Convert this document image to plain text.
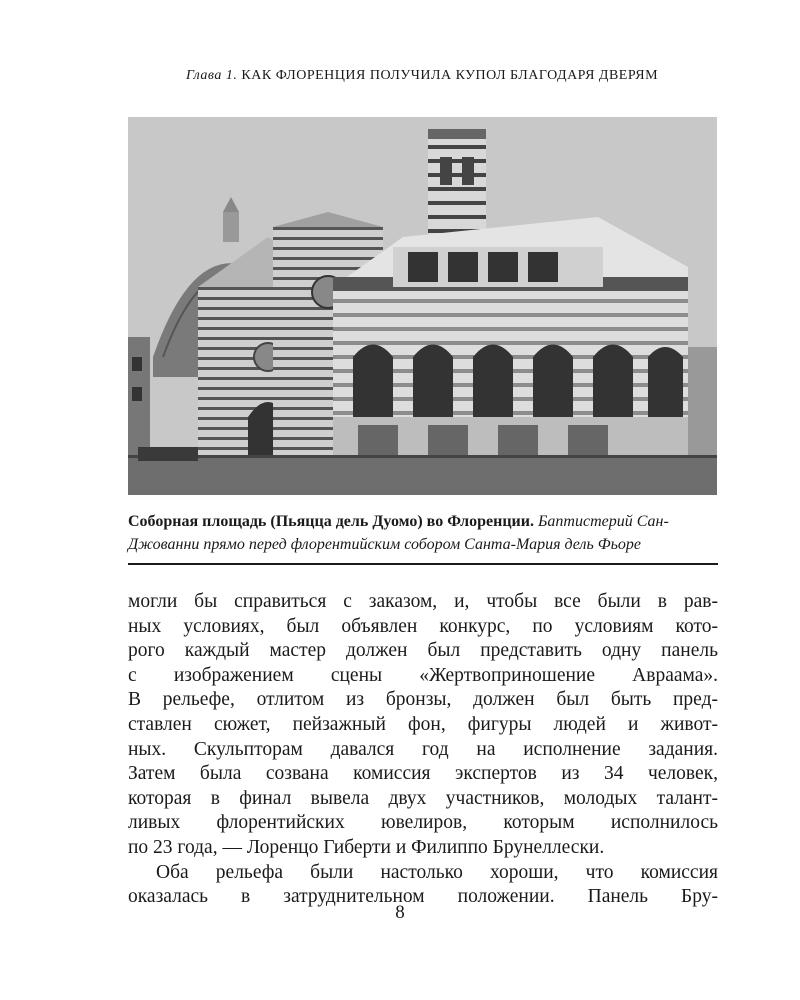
Глава 1. КАК ФЛОРЕНЦИЯ ПОЛУЧИЛА КУПОЛ БЛАГОДАРЯ ДВЕРЯМ
Соборная площадь (Пьяцца дель Дуомо) во Флоренции. Баптистерий Сан-Джованни прямо перед флорентийским собором Санта-Мария дель Фьоре
могли бы справиться с заказом, и, чтобы все были в рав-
ных условиях, был объявлен конкурс, по условиям кото-
рого каждый мастер должен был представить одну панель
с изображением сцены «Жертвоприношение Авраама».
В рельефе, отлитом из бронзы, должен был быть пред-
ставлен сюжет, пейзажный фон, фигуры людей и живот-
ных. Скульпторам давался год на исполнение задания.
Затем была созвана комиссия экспертов из 34 человек,
которая в финал вывела двух участников, молодых талант-
ливых флорентийских ювелиров, которым исполнилось
по 23 года, — Лоренцо Гиберти и Филиппо Брунеллески.
Оба рельефа были настолько хороши, что комиссия
оказалась в затруднительном положении. Панель Бру-
8
